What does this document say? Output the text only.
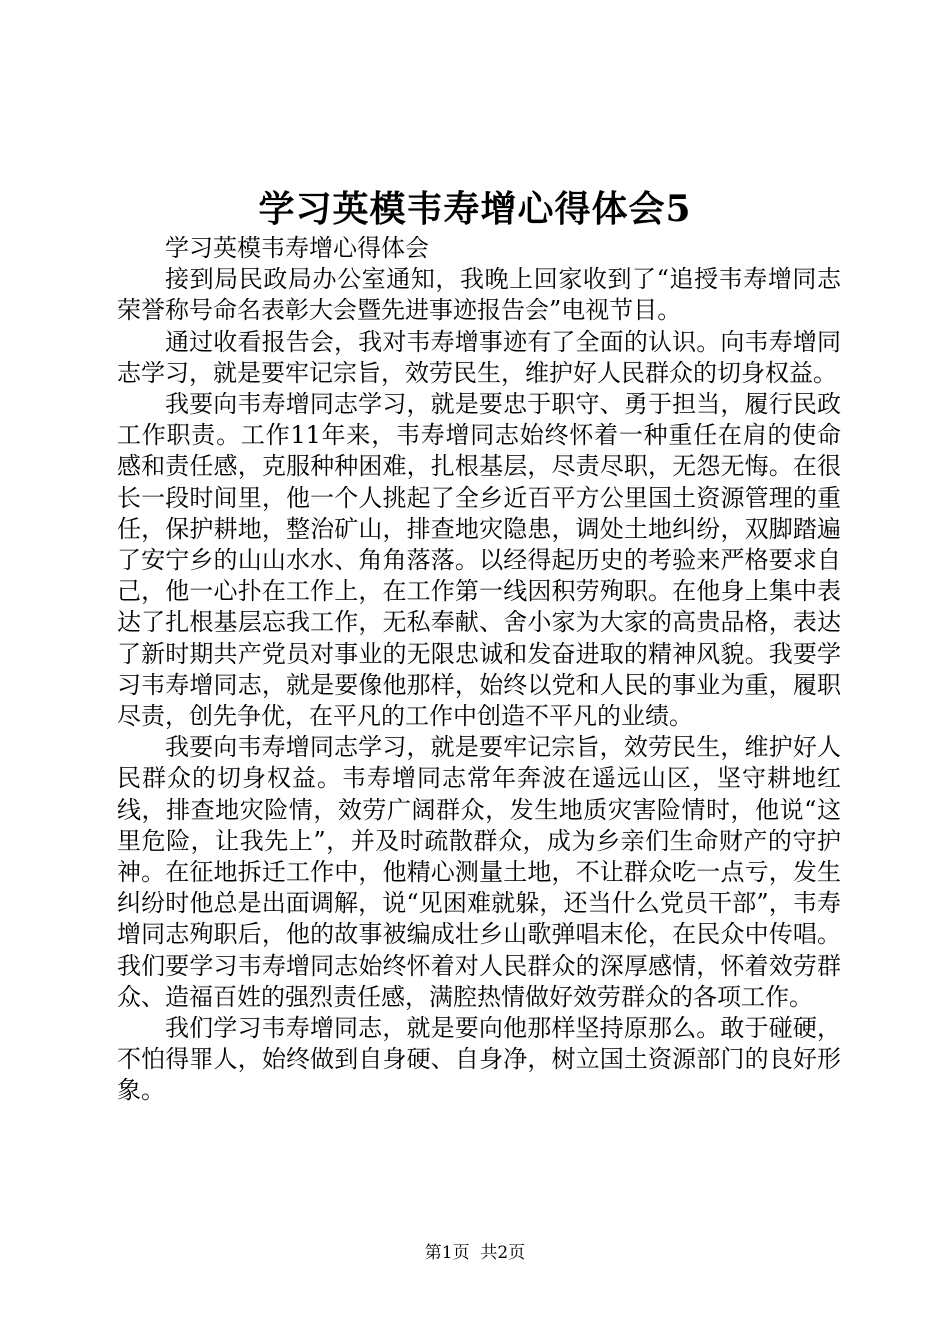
学习英模韦寿增心得体会5

学习英模韦寿增心得体会

接到局民政局办公室通知，我晚上回家收到了“追授韦寿增同志荣誉称号命名表彰大会暨先进事迹报告会”电视节目。

通过收看报告会，我对韦寿增事迹有了全面的认识。向韦寿增同志学习，就是要牢记宗旨，效劳民生，维护好人民群众的切身权益。

我要向韦寿增同志学习，就是要忠于职守、勇于担当，履行民政工作职责。工作11年来，韦寿增同志始终怀着一种重任在肩的使命感和责任感，克服种种困难，扎根基层，尽责尽职，无怨无悔。在很长一段时间里，他一个人挑起了全乡近百平方公里国土资源管理的重任，保护耕地，整治矿山，排查地灾隐患，调处土地纠纷，双脚踏遍了安宁乡的山山水水、角角落落。以经得起历史的考验来严格要求自己，他一心扑在工作上，在工作第一线因积劳殉职。在他身上集中表达了扎根基层忘我工作，无私奉献、舍小家为大家的高贵品格，表达了新时期共产党员对事业的无限忠诚和发奋进取的精神风貌。我要学习韦寿增同志，就是要像他那样，始终以党和人民的事业为重，履职尽责，创先争优，在平凡的工作中创造不平凡的业绩。

我要向韦寿增同志学习，就是要牢记宗旨，效劳民生，维护好人民群众的切身权益。韦寿增同志常年奔波在遥远山区，坚守耕地红线，排查地灾险情，效劳广阔群众，发生地质灾害险情时，他说“这里危险，让我先上”，并及时疏散群众，成为乡亲们生命财产的守护神。在征地拆迁工作中，他精心测量土地，不让群众吃一点亏，发生纠纷时他总是出面调解，说“见困难就躲，还当什么党员干部”，韦寿增同志殉职后，他的故事被编成壮乡山歌弹唱末伦，在民众中传唱。我们要学习韦寿增同志始终怀着对人民群众的深厚感情，怀着效劳群众、造福百姓的强烈责任感，满腔热情做好效劳群众的各项工作。

我们学习韦寿增同志，就是要向他那样坚持原那么。敢于碰硬，不怕得罪人，始终做到自身硬、自身净，树立国土资源部门的良好形象。

第1页  共2页
